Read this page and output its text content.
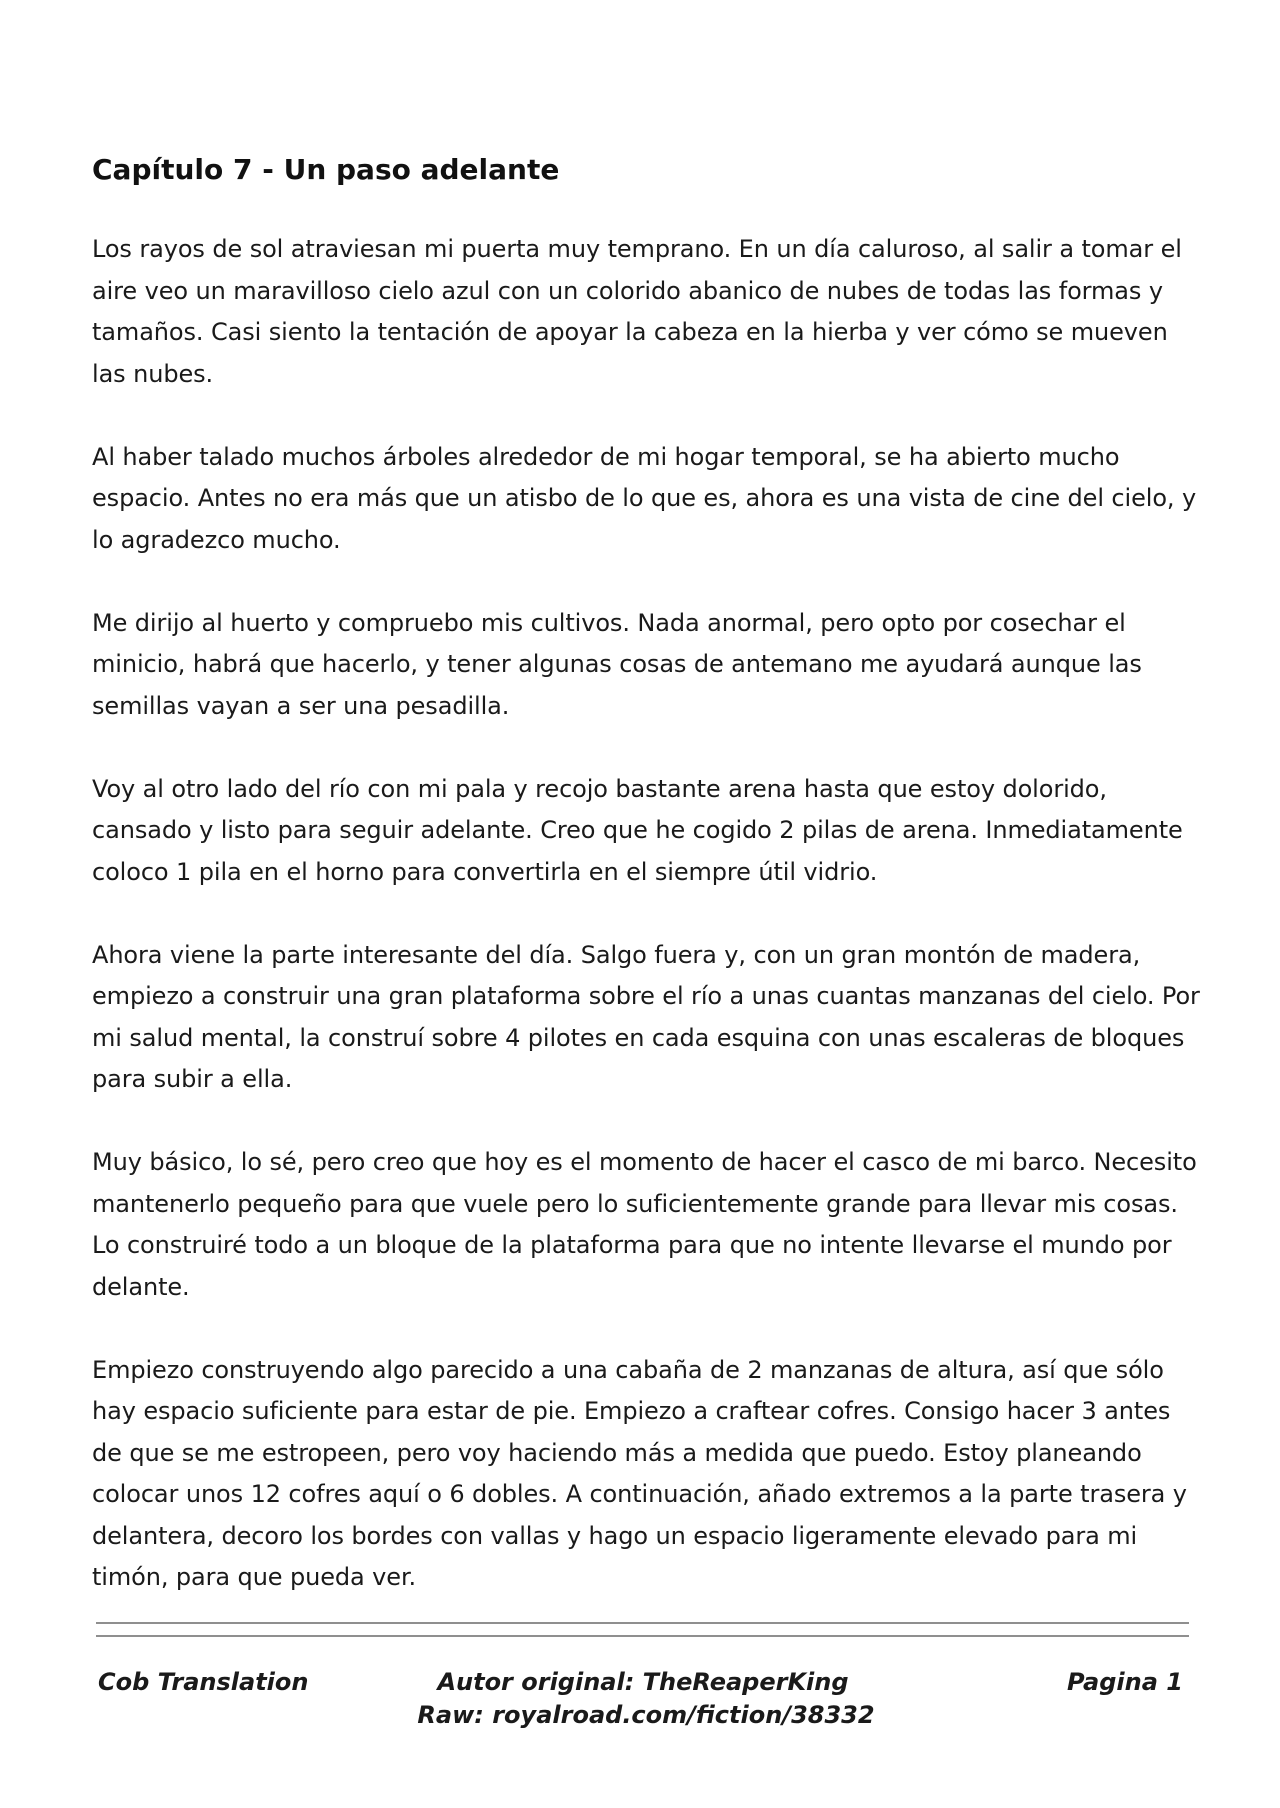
Capítulo 7 - Un paso adelante

Los rayos de sol atraviesan mi puerta muy temprano. En un día caluroso, al salir a tomar el aire veo un maravilloso cielo azul con un colorido abanico de nubes de todas las formas y tamaños. Casi siento la tentación de apoyar la cabeza en la hierba y ver cómo se mueven las nubes.

Al haber talado muchos árboles alrededor de mi hogar temporal, se ha abierto mucho espacio. Antes no era más que un atisbo de lo que es, ahora es una vista de cine del cielo, y lo agradezco mucho.

Me dirijo al huerto y compruebo mis cultivos. Nada anormal, pero opto por cosechar el minicio, habrá que hacerlo, y tener algunas cosas de antemano me ayudará aunque las semillas vayan a ser una pesadilla.

Voy al otro lado del río con mi pala y recojo bastante arena hasta que estoy dolorido, cansado y listo para seguir adelante. Creo que he cogido 2 pilas de arena. Inmediatamente coloco 1 pila en el horno para convertirla en el siempre útil vidrio.

Ahora viene la parte interesante del día. Salgo fuera y, con un gran montón de madera, empiezo a construir una gran plataforma sobre el río a unas cuantas manzanas del cielo. Por mi salud mental, la construí sobre 4 pilotes en cada esquina con unas escaleras de bloques para subir a ella.

Muy básico, lo sé, pero creo que hoy es el momento de hacer el casco de mi barco. Necesito mantenerlo pequeño para que vuele pero lo suficientemente grande para llevar mis cosas. Lo construiré todo a un bloque de la plataforma para que no intente llevarse el mundo por delante.

Empiezo construyendo algo parecido a una cabaña de 2 manzanas de altura, así que sólo hay espacio suficiente para estar de pie. Empiezo a craftear cofres. Consigo hacer 3 antes de que se me estropeen, pero voy haciendo más a medida que puedo. Estoy planeando colocar unos 12 cofres aquí o 6 dobles. A continuación, añado extremos a la parte trasera y delantera, decoro los bordes con vallas y hago un espacio ligeramente elevado para mi timón, para que pueda ver.

Cob Translation	Autor original: TheReaperKing
Raw: royalroad.com/fiction/38332
Pagina 1
